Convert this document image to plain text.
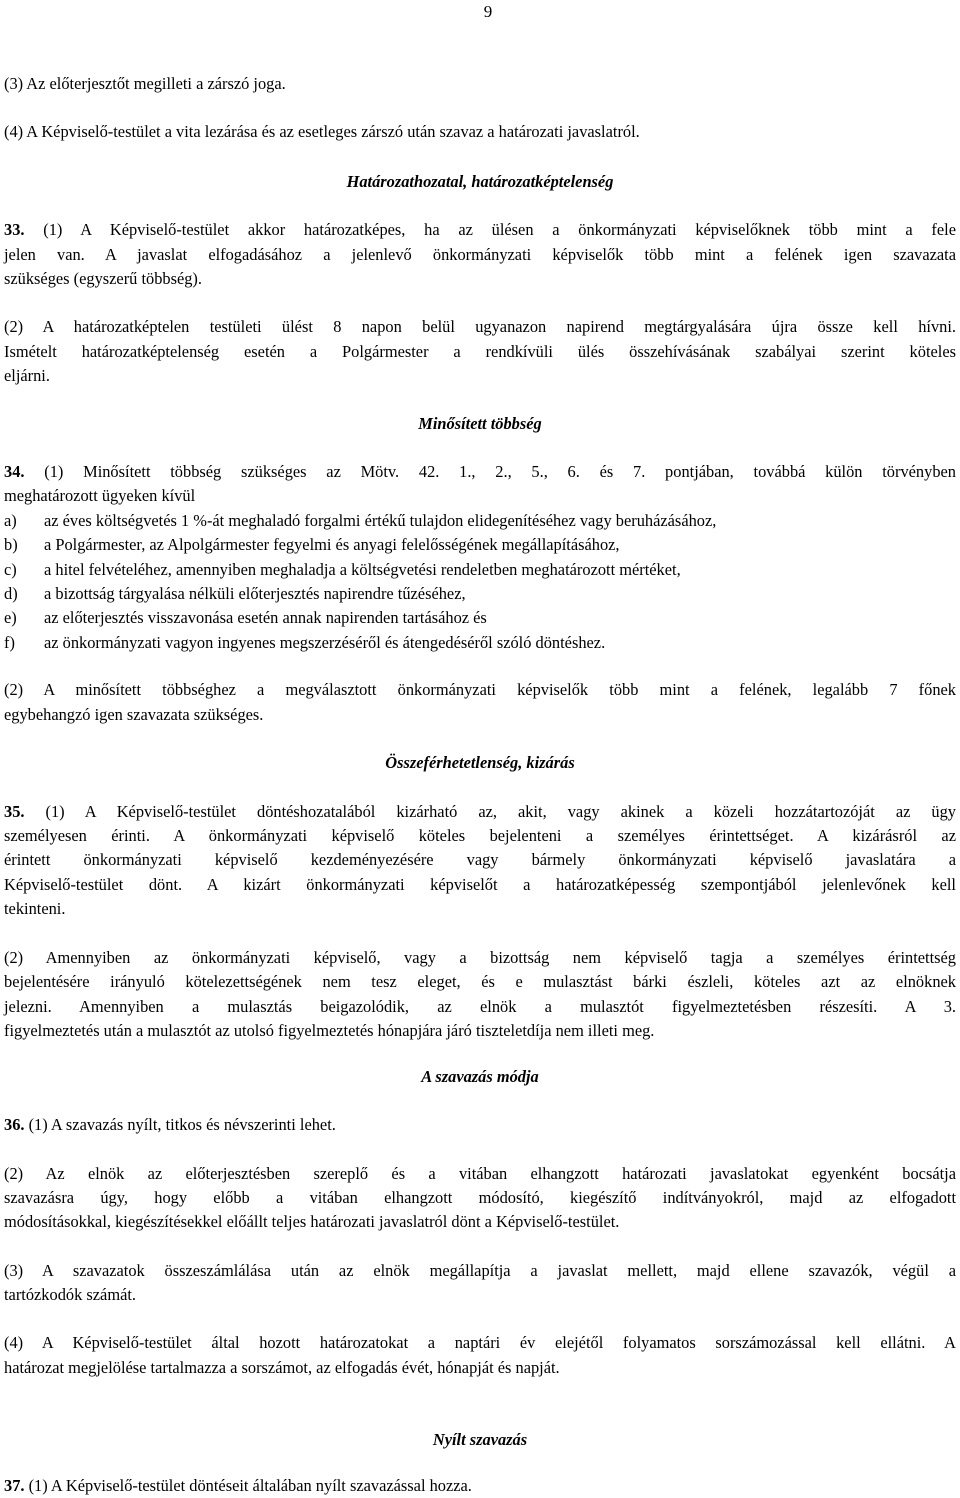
9
(3) Az előterjesztőt megilleti a zárszó joga.
(4) A Képviselő-testület a vita lezárása és az esetleges zárszó után szavaz a határozati javaslatról.
Határozathozatal, határozatképtelenség
33. (1) A Képviselő-testület akkor határozatképes, ha az ülésen a önkormányzati képviselőknek több mint a fele
jelen van. A javaslat elfogadásához a jelenlevő önkormányzati képviselők több mint a felének igen szavazata
szükséges (egyszerű többség).
(2) A határozatképtelen testületi ülést 8 napon belül ugyanazon napirend megtárgyalására újra össze kell hívni.
Ismételt határozatképtelenség esetén a Polgármester a rendkívüli ülés összehívásának szabályai szerint köteles
eljárni.
Minősített többség
34. (1) Minősített többség szükséges az Mötv. 42. 1., 2., 5., 6. és 7. pontjában, továbbá külön törvényben
meghatározott ügyeken kívül
a) az éves költségvetés 1 %-át meghaladó forgalmi értékű tulajdon elidegenítéséhez vagy beruházásához,
b) a Polgármester, az Alpolgármester fegyelmi és anyagi felelősségének megállapításához,
c) a hitel felvételéhez, amennyiben meghaladja a költségvetési rendeletben meghatározott mértéket,
d) a bizottság tárgyalása nélküli előterjesztés napirendre tűzéséhez,
e) az előterjesztés visszavonása esetén annak napirenden tartásához és
f) az önkormányzati vagyon ingyenes megszerzéséről és átengedéséről szóló döntéshez.
(2) A minősített többséghez a megválasztott önkormányzati képviselők több mint a felének, legalább 7 főnek
egybehangzó igen szavazata szükséges.
Összeférhetetlenség, kizárás
35. (1) A Képviselő-testület döntéshozatalából kizárható az, akit, vagy akinek a közeli hozzátartozóját az ügy
személyesen érinti. A önkormányzati képviselő köteles bejelenteni a személyes érintettséget. A kizárásról az
érintett önkormányzati képviselő kezdeményezésére vagy bármely önkormányzati képviselő javaslatára a
Képviselő-testület dönt. A kizárt önkormányzati képviselőt a határozatképesség szempontjából jelenlevőnek kell
tekinteni.
(2) Amennyiben az önkormányzati képviselő, vagy a bizottság nem képviselő tagja a személyes érintettség
bejelentésére irányuló kötelezettségének nem tesz eleget, és e mulasztást bárki észleli, köteles azt az elnöknek
jelezni. Amennyiben a mulasztás beigazolódik, az elnök a mulasztót figyelmeztetésben részesíti. A 3.
figyelmeztetés után a mulasztót az utolsó figyelmeztetés hónapjára járó tiszteletdíja nem illeti meg.
A szavazás módja
36. (1) A szavazás nyílt, titkos és névszerinti lehet.
(2) Az elnök az előterjesztésben szereplő és a vitában elhangzott határozati javaslatokat egyenként bocsátja
szavazásra úgy, hogy előbb a vitában elhangzott módosító, kiegészítő indítványokról, majd az elfogadott
módosításokkal, kiegészítésekkel előállt teljes határozati javaslatról dönt a Képviselő-testület.
(3) A szavazatok összeszámlálása után az elnök megállapítja a javaslat mellett, majd ellene szavazók, végül a
tartózkodók számát.
(4) A Képviselő-testület által hozott határozatokat a naptári év elejétől folyamatos sorszámozással kell ellátni. A
határozat megjelölése tartalmazza a sorszámot, az elfogadás évét, hónapját és napját.
Nyílt szavazás
37. (1) A Képviselő-testület döntéseit általában nyílt szavazással hozza.
